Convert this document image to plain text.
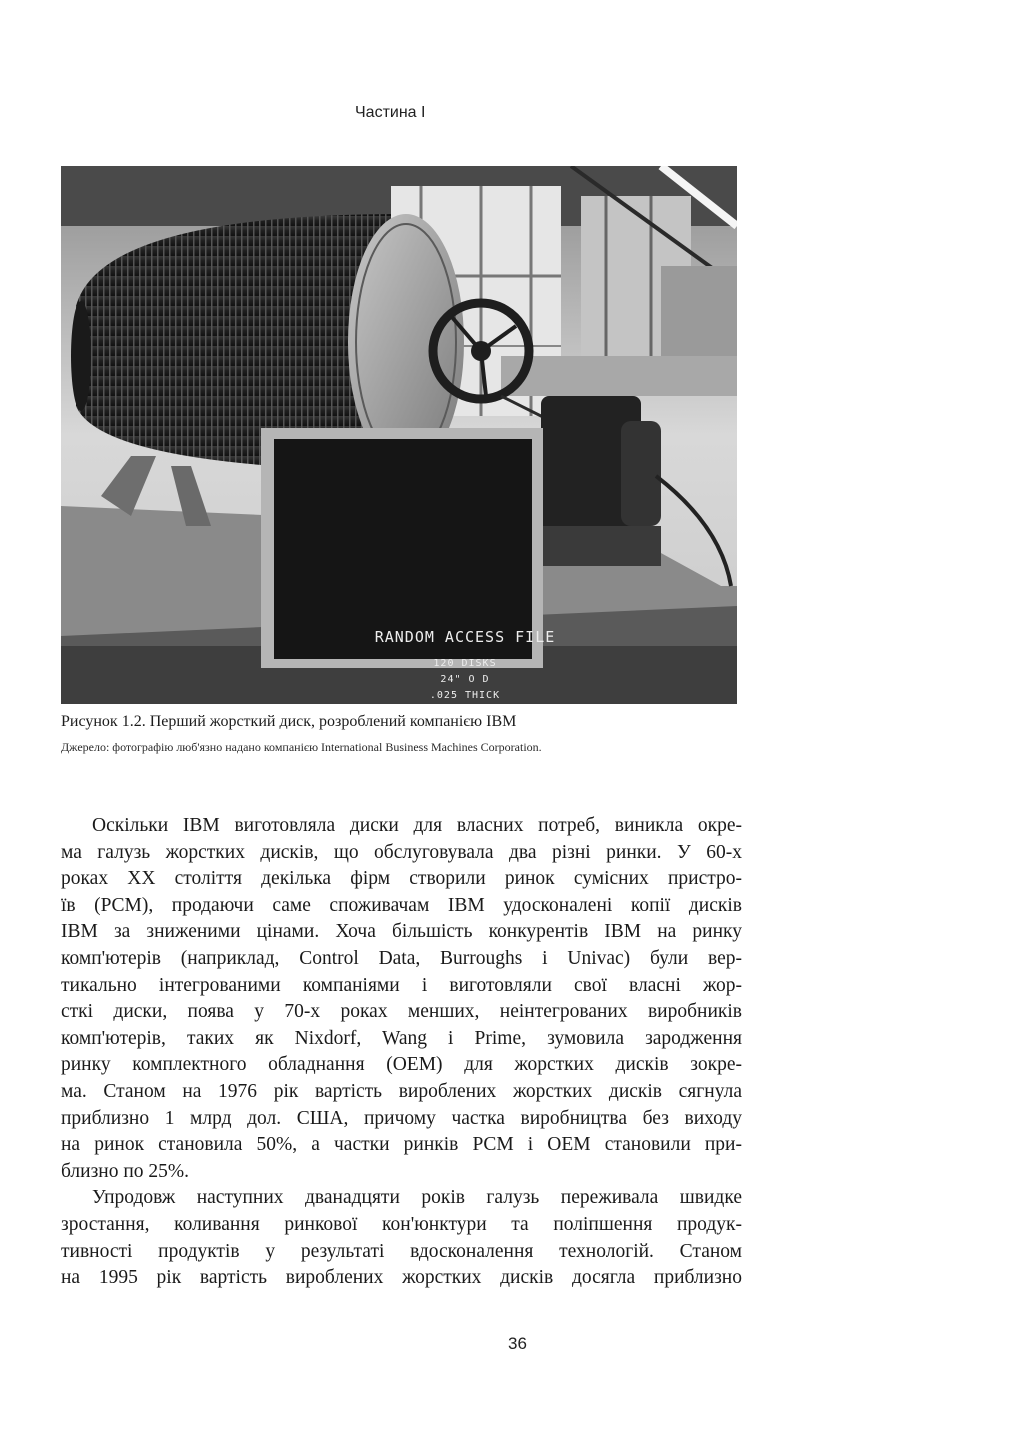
Частина I
RANDOM ACCESS FILE
120 DISKS
24" O D
.025 THICK
Рисунок 1.2. Перший жорсткий диск, розроблений компанією IBM
Джерело: фотографію люб'язно надано компанією International Business Machines Corporation.

Оскільки IBM виготовляла диски для власних потреб, виникла окре-
ма галузь жорстких дисків, що обслуговувала два різні ринки. У 60-х
роках XX століття декілька фірм створили ринок сумісних пристро-
їв (PCM), продаючи саме споживачам IBM удосконалені копії дисків
IBM за зниженими цінами. Хоча більшість конкурентів IBM на ринку
комп'ютерів (наприклад, Control Data, Burroughs і Univac) були вер-
тикально інтегрованими компаніями і виготовляли свої власні жор-
сткі диски, поява у 70-х роках менших, неінтегрованих виробників
комп'ютерів, таких як Nixdorf, Wang і Prime, зумовила зародження
ринку комплектного обладнання (OEM) для жорстких дисків зокре-
ма. Станом на 1976 рік вартість вироблених жорстких дисків сягнула
приблизно 1 млрд дол. США, причому частка виробництва без виходу
на ринок становила 50%, а частки ринків PCM і OEM становили при-
близно по 25%.

Упродовж наступних дванадцяти років галузь переживала швидке
зростання, коливання ринкової кон'юнктури та поліпшення продук-
тивності продуктів у результаті вдосконалення технологій. Станом
на 1995 рік вартість вироблених жорстких дисків досягла приблизно

36
